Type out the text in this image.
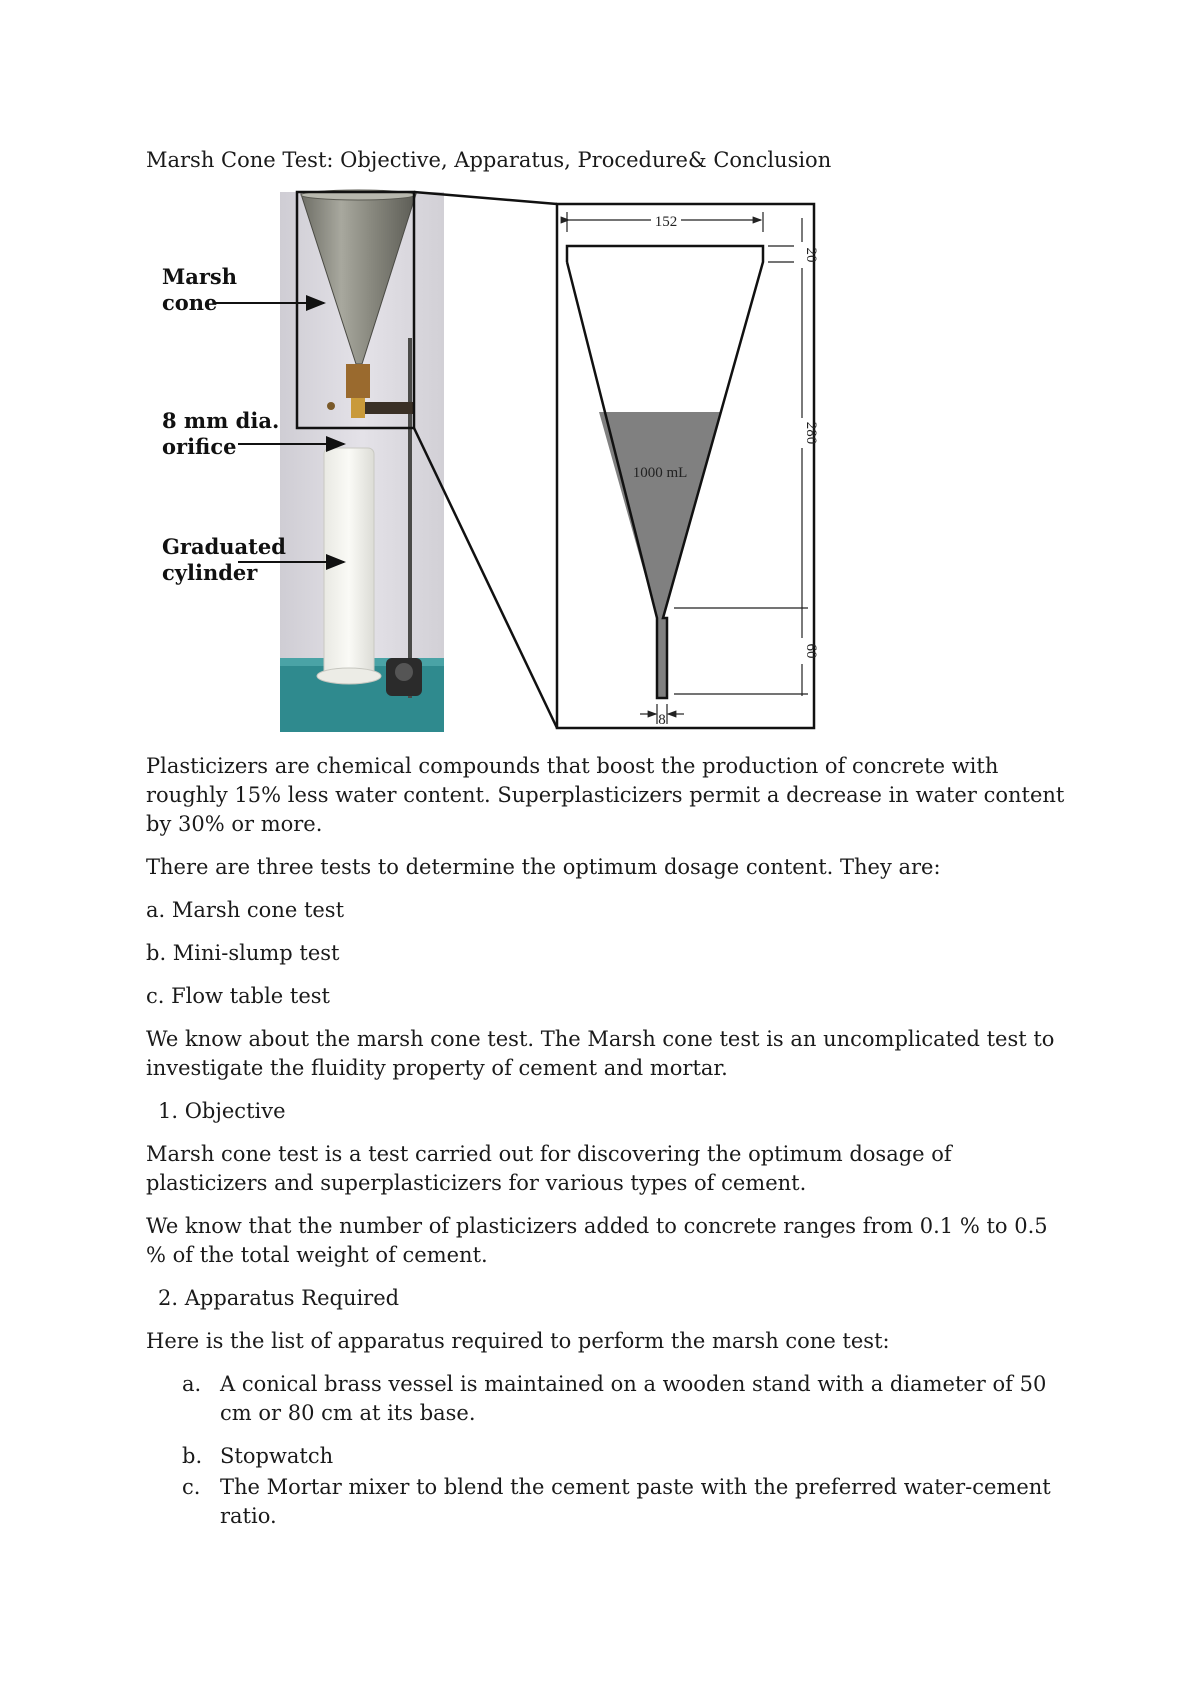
Marsh Cone Test: Objective, Apparatus, Procedure& Conclusion
Marsh
cone
8 mm dia.
orifice
Graduated
cylinder
152
20
280
60
1000 mL
8

Plasticizers are chemical compounds that boost the production of concrete with roughly 15% less water content. Superplasticizers permit a decrease in water content by 30% or more.

There are three tests to determine the optimum dosage content. They are:

a. Marsh cone test

b. Mini-slump test

c. Flow table test

We know about the marsh cone test. The Marsh cone test is an uncomplicated test to investigate the fluidity property of cement and mortar.

1. Objective

Marsh cone test is a test carried out for discovering the optimum dosage of plasticizers and superplasticizers for various types of cement.

We know that the number of plasticizers added to concrete ranges from 0.1 % to 0.5 % of the total weight of cement.

2. Apparatus Required

Here is the list of apparatus required to perform the marsh cone test:

a. A conical brass vessel is maintained on a wooden stand with a diameter of 50 cm or 80 cm at its base.
b. Stopwatch
c. The Mortar mixer to blend the cement paste with the preferred water-cement ratio.
